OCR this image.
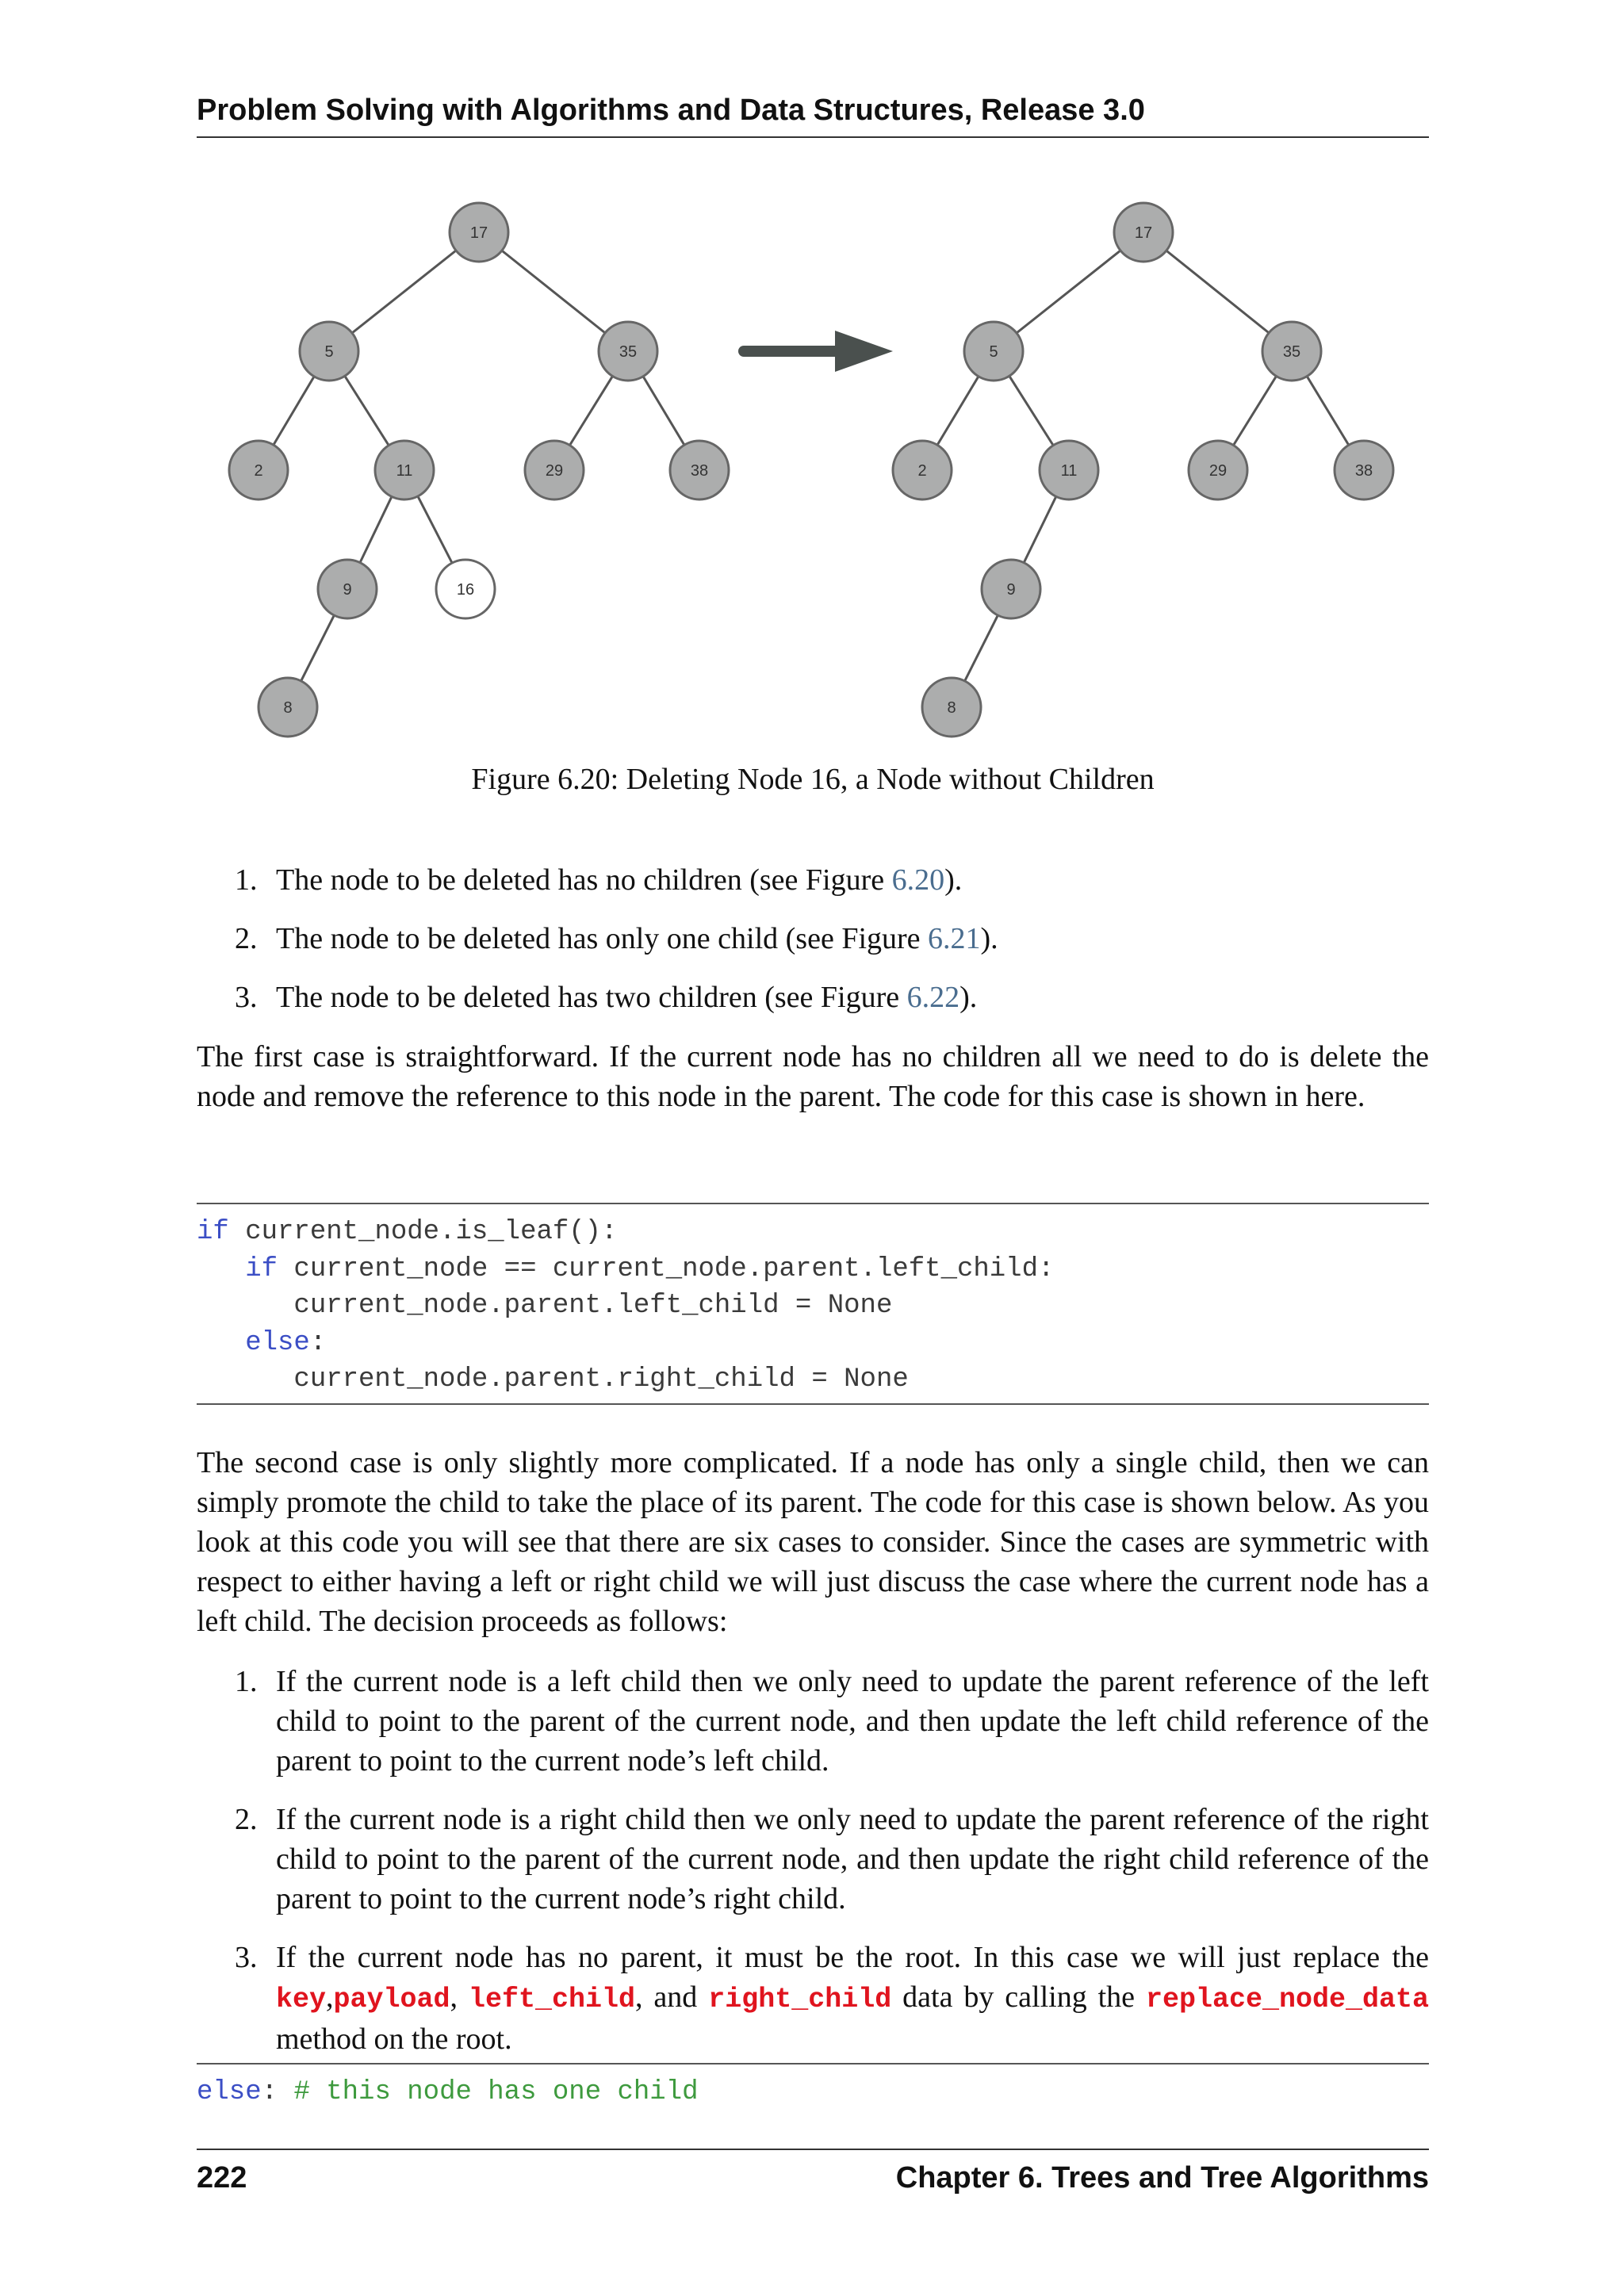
Problem Solving with Algorithms and Data Structures, Release 3.0
17
5	35
2	11	29	38
9	16
8
17
5	35
2	11	29	38
9
8
Figure 6.20: Deleting Node 16, a Node without Children
1. The node to be deleted has no children (see Figure 6.20).
2. The node to be deleted has only one child (see Figure 6.21).
3. The node to be deleted has two children (see Figure 6.22).

The first case is straightforward. If the current node has no children all we need to do is delete the node and remove the reference to this node in the parent. The code for this case is shown in here.

if current_node.is_leaf():
if current_node == current_node.parent.left_child:
current_node.parent.left_child = None
else:
current_node.parent.right_child = None

The second case is only slightly more complicated. If a node has only a single child, then we can simply promote the child to take the place of its parent. The code for this case is shown below. As you look at this code you will see that there are six cases to consider. Since the cases are symmetric with respect to either having a left or right child we will just discuss the case where the current node has a left child. The decision proceeds as follows:

1. If the current node is a left child then we only need to update the parent reference of the left child to point to the parent of the current node, and then update the left child reference of the parent to point to the current node’s left child.
2. If the current node is a right child then we only need to update the parent reference of the right child to point to the parent of the current node, and then update the right child reference of the parent to point to the current node’s right child.
3. If the current node has no parent, it must be the root. In this case we will just replace the key,payload, left_child, and right_child data by calling the replace_node_data method on the root.
else: # this node has one child
222	Chapter 6. Trees and Tree Algorithms
